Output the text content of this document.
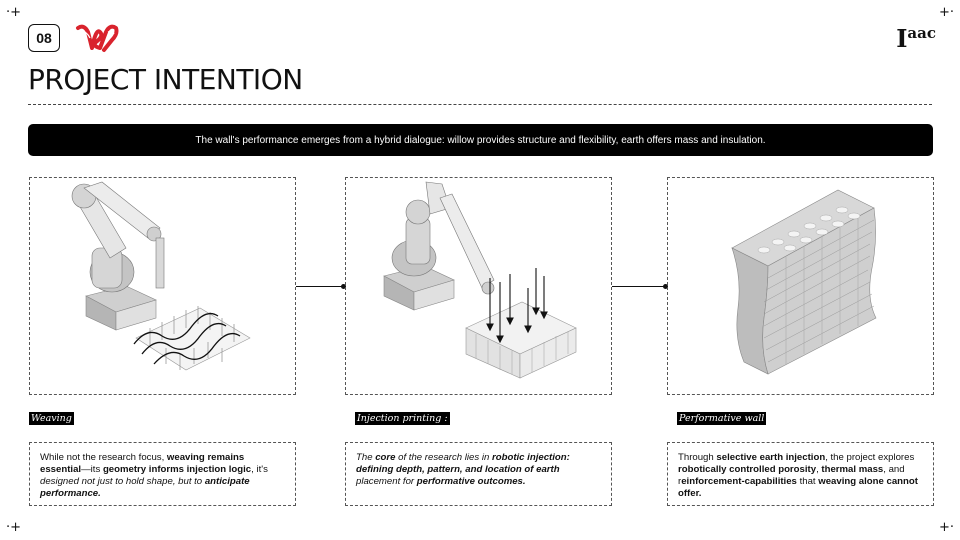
·+	+·
·+	+·
08	$I^{aac}$
PROJECT INTENTION
The wall's performance emerges from a hybrid dialogue: willow provides structure and flexibility, earth offers mass and insulation.
Weaving	Injection printing :	Performative wall
While not the research focus, weaving remains essential—its geometry informs injection logic, it's designed not just to hold shape, but to anticipate performance.
The core of the research lies in robotic injection: defining depth, pattern, and location of earth placement for performative outcomes.
Through selective earth injection, the project explores robotically controlled porosity, thermal mass, and reinforcement-capabilities that weaving alone cannot offer.
